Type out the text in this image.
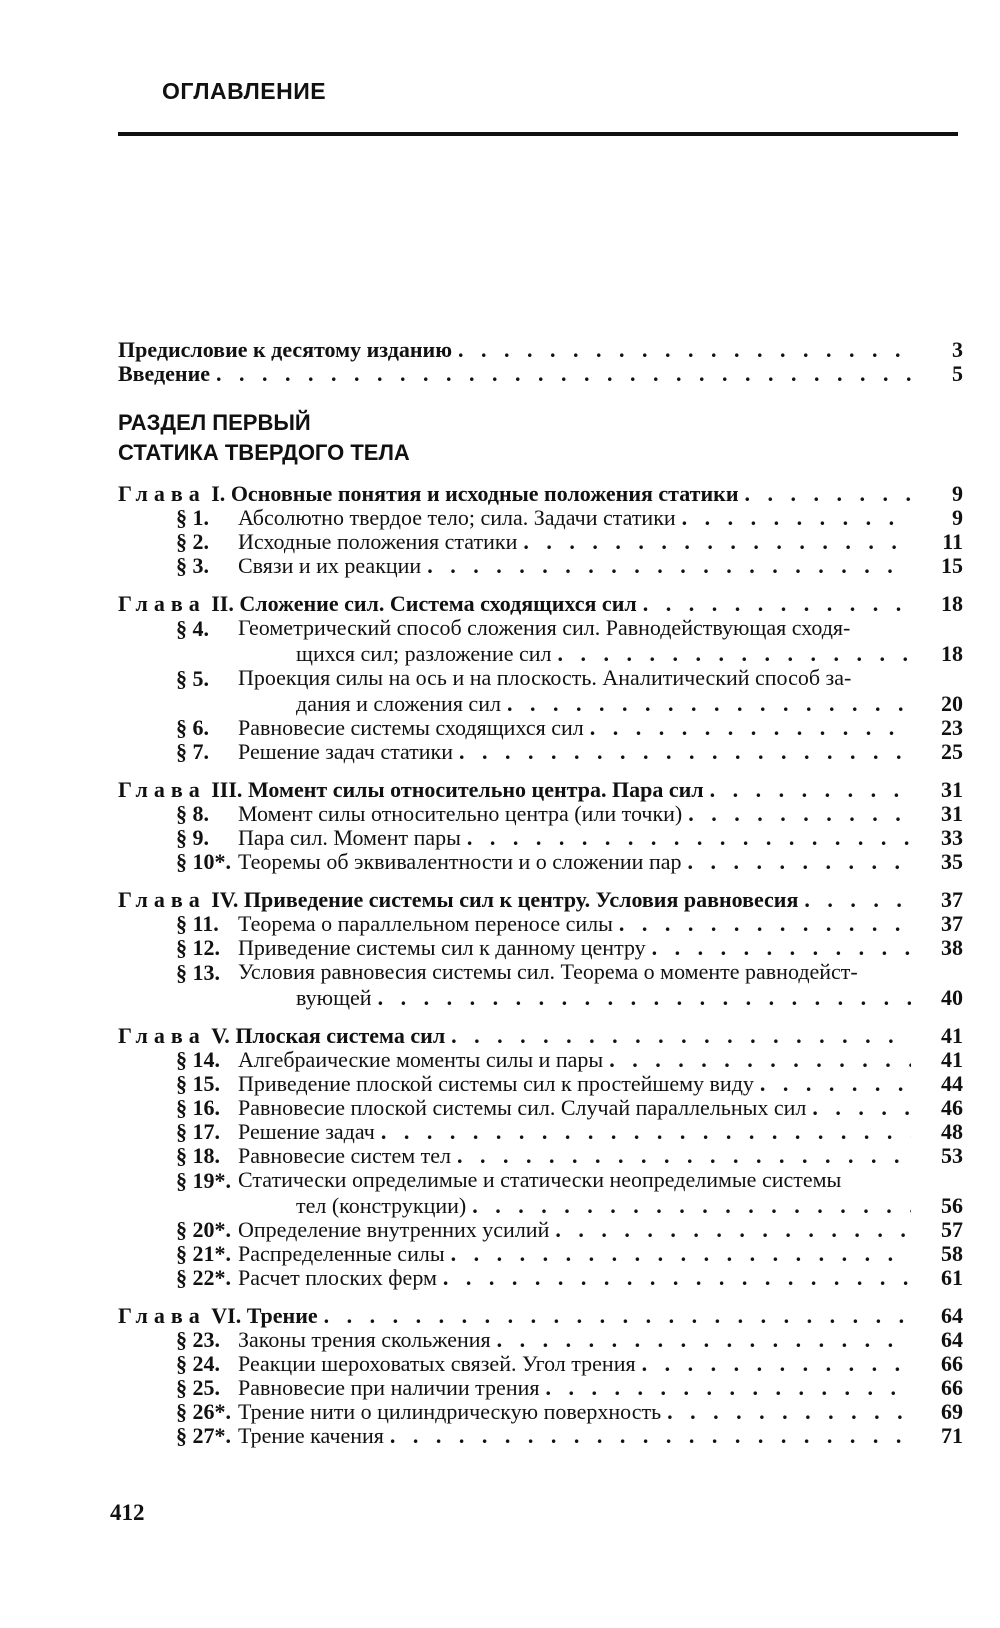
ОГЛАВЛЕНИЕ
Предисловие к десятому изданию . . .	3
Введение . . .	5
РАЗДЕЛ ПЕРВЫЙ
СТАТИКА ТВЕРДОГО ТЕЛА
Глава I. Основные понятия и исходные положения статики . . .	9
§ 1. Абсолютно твердое тело; сила. Задачи статики . . .	9
§ 2. Исходные положения статики . . .	11
§ 3. Связи и их реакции . . .	15
Глава II. Сложение сил. Система сходящихся сил . . .	18
§ 4.	Геометрический способ сложения сил. Равнодействующая сходя-
щихся сил; разложение сил . . .	18
§ 5.	Проекция силы на ось и на плоскость. Аналитический способ за-
дания и сложения сил . . .	20
§ 6. Равновесие системы сходящихся сил . . .	23
§ 7. Решение задач статики . . .	25
Глава III. Момент силы относительно центра. Пара сил . . .	31
§ 8. Момент силы относительно центра (или точки) . . .	31
§ 9. Пара сил. Момент пары . . .	33
§ 10*. Теоремы об эквивалентности и о сложении пар . . .	35
Глава IV. Приведение системы сил к центру. Условия равновесия . . .	37
§ 11. Теорема о параллельном переносе силы . . .	37
§ 12. Приведение системы сил к данному центру . . .	38
§ 13. Условия равновесия системы сил. Теорема о моменте равнодейст-
вующей . . .	40
Глава V. Плоская система сил . . .	41
§ 14. Алгебраические моменты силы и пары . . .	41
§ 15. Приведение плоской системы сил к простейшему виду . . .	44
§ 16. Равновесие плоской системы сил. Случай параллельных сил . . .	46
§ 17. Решение задач . . .	48
§ 18. Равновесие систем тел . . .	53
§ 19*. Статически определимые и статически неопределимые системы
тел (конструкции) . . .	56
§ 20*. Определение внутренних усилий . . .	57
§ 21*. Распределенные силы . . .	58
§ 22*. Расчет плоских ферм . . .	61
Глава VI. Трение . . .	64
§ 23. Законы трения скольжения . . .	64
§ 24. Реакции шероховатых связей. Угол трения . . .	66
§ 25. Равновесие при наличии трения . . .	66
§ 26*. Трение нити о цилиндрическую поверхность . . .	69
§ 27*. Трение качения . . .	71
412
